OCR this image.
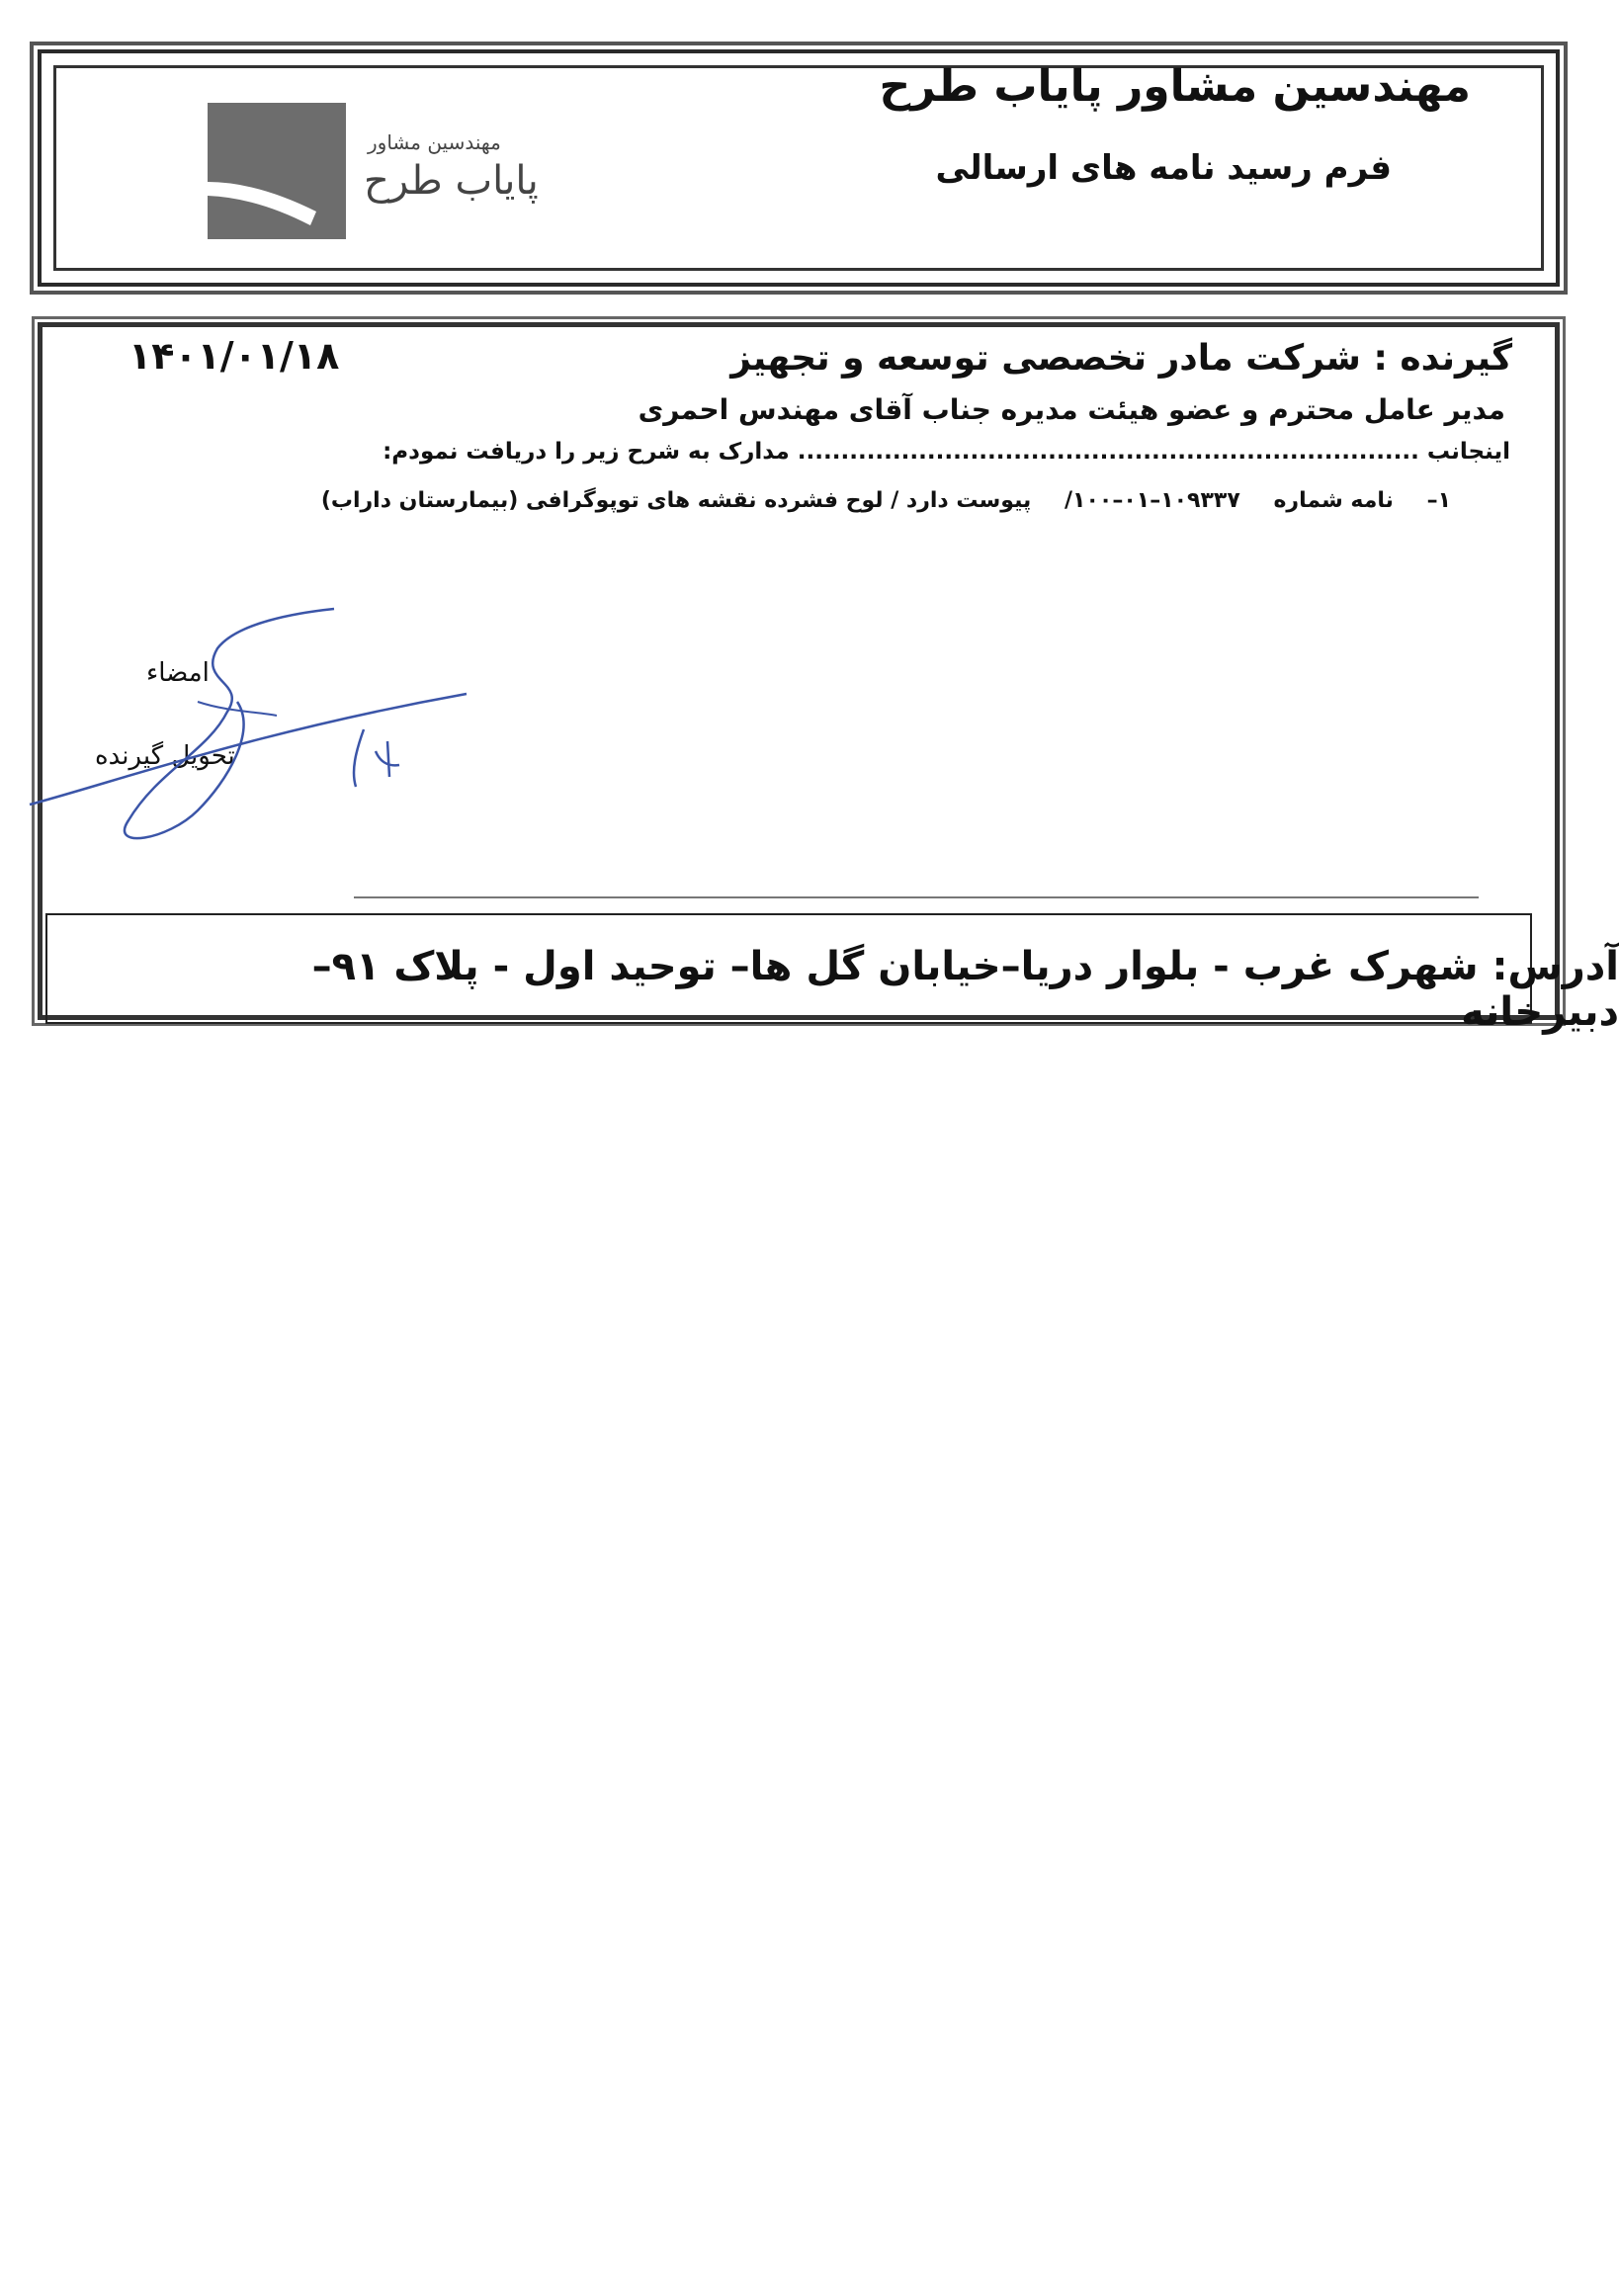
مهندسین مشاور پایاب طرح
فرم رسید نامه های ارسالی
مهندسین مشاور
پایاب طرح
گیرنده : شرکت مادر تخصصی توسعه و تجهیز
۱۴۰۱/۰۱/۱۸
مدیر عامل محترم و عضو هیئت مدیره جناب آقای مهندس احمری
اینجانب ........................................................................ مدارک به شرح زیر را دریافت نمودم:
۱– نامه شماره ۱۰۹۳۳۷–۰۱–۱۰۰/ پیوست دارد / لوح فشرده نقشه های توپوگرافی (بیمارستان داراب)
امضاء
تحویل گیرنده
آدرس: شهرک غرب - بلوار دریا–خیابان گل ها– توحید اول - پلاک ۹۱– دبیرخانه
